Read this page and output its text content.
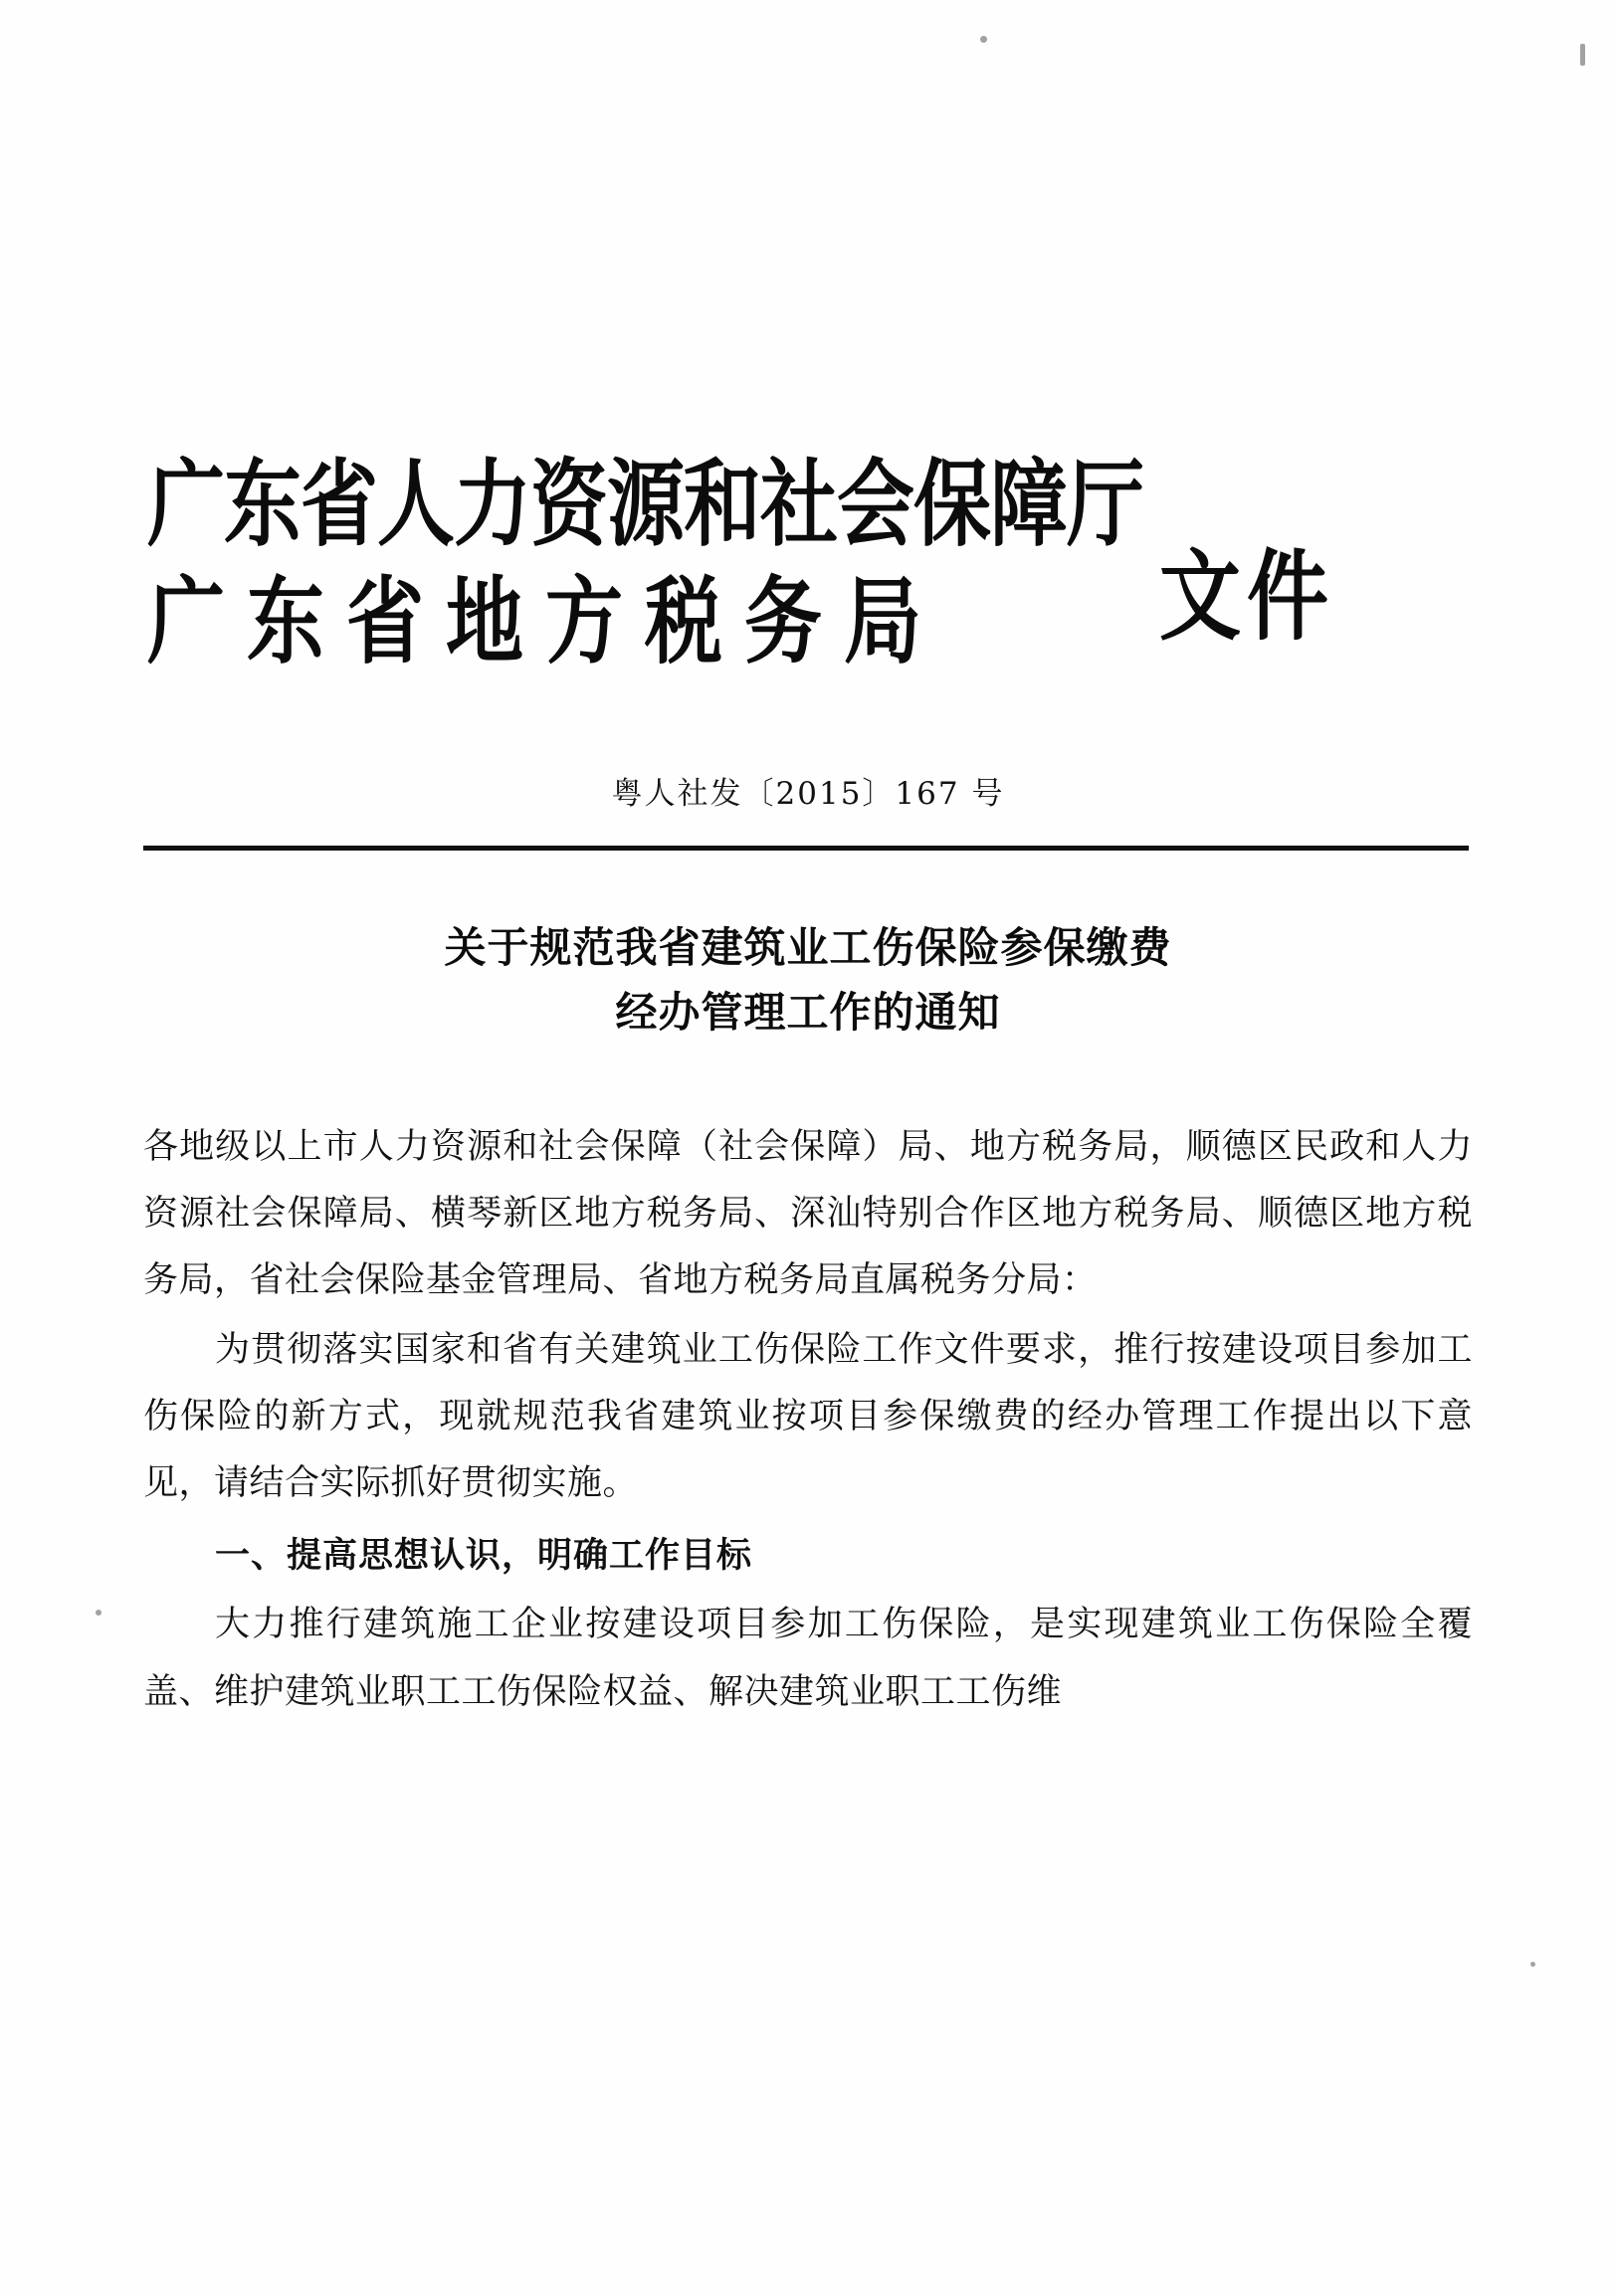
广东省人力资源和社会保障厅
广东省地方税务局	文件
粤人社发〔2015〕167 号
关于规范我省建筑业工伤保险参保缴费
经办管理工作的通知

各地级以上市人力资源和社会保障（社会保障）局、地方税务局，顺德区民政和人力资源社会保障局、横琴新区地方税务局、深汕特别合作区地方税务局、顺德区地方税务局，省社会保险基金管理局、省地方税务局直属税务分局：

为贯彻落实国家和省有关建筑业工伤保险工作文件要求，推行按建设项目参加工伤保险的新方式，现就规范我省建筑业按项目参保缴费的经办管理工作提出以下意见，请结合实际抓好贯彻实施。

一、提高思想认识，明确工作目标

大力推行建筑施工企业按建设项目参加工伤保险，是实现建筑业工伤保险全覆盖、维护建筑业职工工伤保险权益、解决建筑业职工工伤维
